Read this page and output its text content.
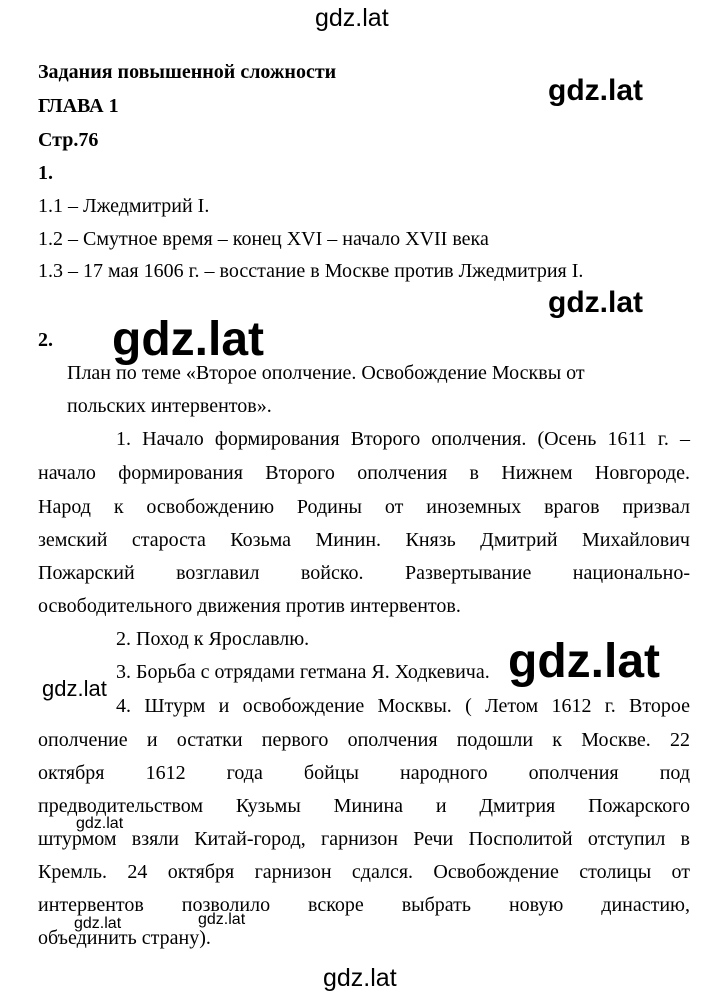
Задания повышенной сложности
ГЛАВА 1
Стр.76
1.
1.1 – Лжедмитрий I.
1.2 – Смутное время – конец XVI – начало XVII века
1.3 – 17 мая 1606 г. – восстание в Москве против Лжедмитрия I.
2.
План по теме «Второе ополчение. Освобождение Москвы от
польских интервентов».
1. Начало формирования Второго ополчения. (Осень 1611 г. –
начало формирования Второго ополчения в Нижнем Новгороде.
Народ к освобождению Родины от иноземных врагов призвал
земский староста Козьма Минин. Князь Дмитрий Михайлович
Пожарский возглавил войско. Развертывание национально-
освободительного движения против интервентов.
2. Поход к Ярославлю.
3. Борьба с отрядами гетмана Я. Ходкевича.
4. Штурм и освобождение Москвы. ( Летом 1612 г. Второе
ополчение и остатки первого ополчения подошли к Москве. 22
октября 1612 года бойцы народного ополчения под
предводительством Кузьмы Минина и Дмитрия Пожарского
штурмом взяли Китай-город, гарнизон Речи Посполитой отступил в
Кремль. 24 октября гарнизон сдался. Освобождение столицы от
интервентов позволило вскоре выбрать новую династию,
объединить страну).
gdz.lat
gdz.lat
gdz.lat
gdz.lat
gdz.lat
gdz.lat
gdz.lat
gdz.lat	gdz.lat
gdz.lat
